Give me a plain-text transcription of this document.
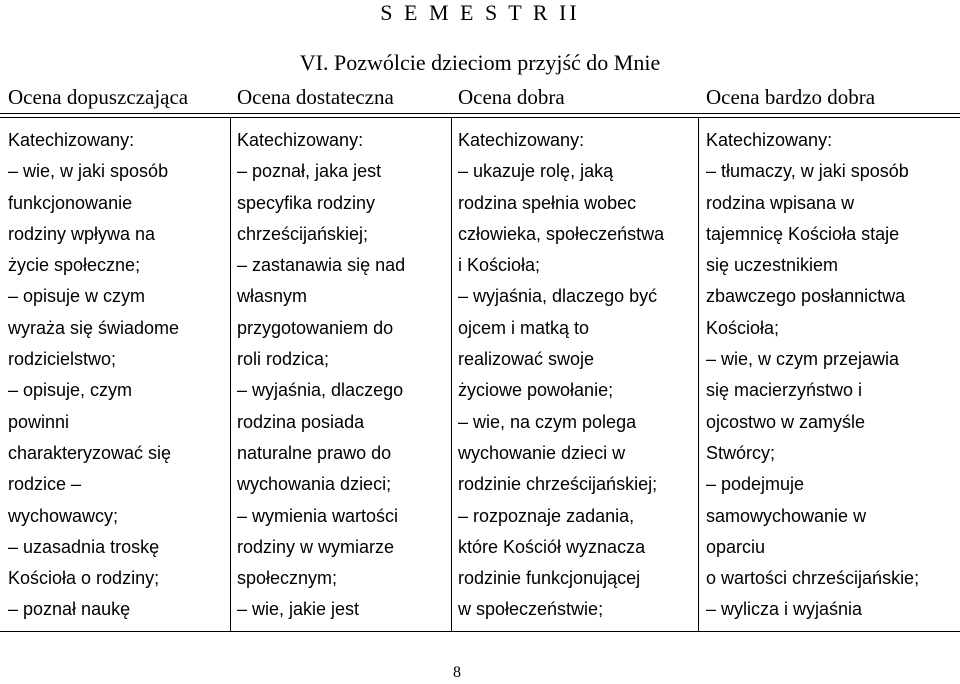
S E M E S T R II
VI. Pozwólcie dzieciom przyjść do Mnie
Ocena dopuszczająca Ocena dostateczna	Ocena dobra	Ocena bardzo dobra
Katechizowany:
– wie, w jaki sposób
funkcjonowanie
rodziny wpływa na
życie społeczne;
– opisuje w czym
wyraża się świadome
rodzicielstwo;
– opisuje, czym
powinni
charakteryzować się
rodzice –
wychowawcy;
– uzasadnia troskę
Kościoła o rodziny;
– poznał naukę
Katechizowany:
– poznał, jaka jest
specyfika rodziny
chrześcijańskiej;
– zastanawia się nad
własnym
przygotowaniem do
roli rodzica;
– wyjaśnia, dlaczego
rodzina posiada
naturalne prawo do
wychowania dzieci;
– wymienia wartości
rodziny w wymiarze
społecznym;
– wie, jakie jest
Katechizowany:
– ukazuje rolę, jaką
rodzina spełnia wobec
człowieka, społeczeństwa
i Kościoła;
– wyjaśnia, dlaczego być
ojcem i matką to
realizować swoje
życiowe powołanie;
– wie, na czym polega
wychowanie dzieci w
rodzinie chrześcijańskiej;
– rozpoznaje zadania,
które Kościół wyznacza
rodzinie funkcjonującej
w społeczeństwie;
Katechizowany:
– tłumaczy, w jaki sposób
rodzina wpisana w
tajemnicę Kościoła staje
się uczestnikiem
zbawczego posłannictwa
Kościoła;
– wie, w czym przejawia
się macierzyństwo i
ojcostwo w zamyśle
Stwórcy;
– podejmuje
samowychowanie w
oparciu
o wartości chrześcijańskie;
– wylicza i wyjaśnia
8
